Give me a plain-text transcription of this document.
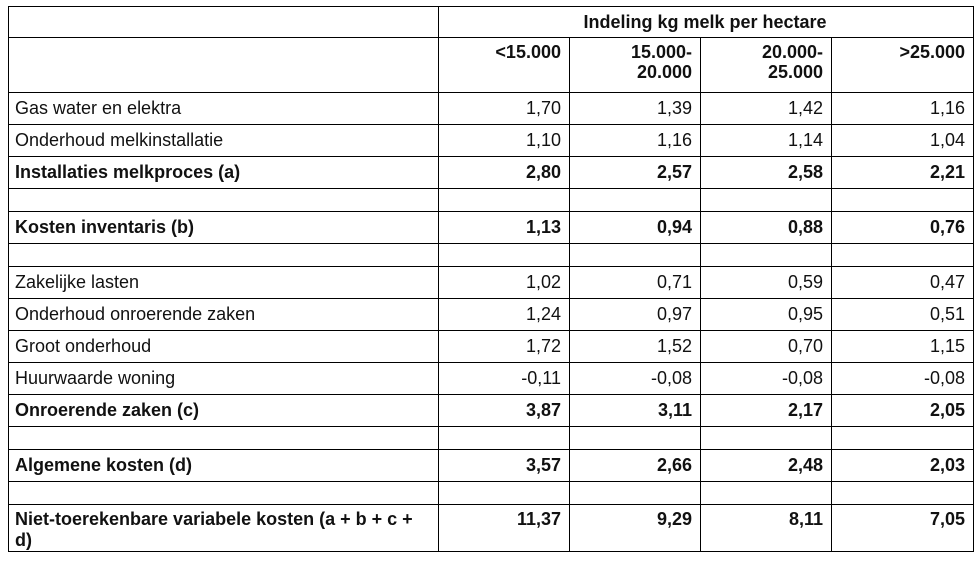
	Indeling kg melk per hectare			
	<15.000	15.000- 20.000	20.000- 25.000	>25.000
Gas water en elektra	1,70	1,39	1,42	1,16
Onderhoud melkinstallatie	1,10	1,16	1,14	1,04
Installaties melkproces (a)	2,80	2,57	2,58	2,21

Kosten inventaris (b)	1,13	0,94	0,88	0,76

Zakelijke lasten	1,02	0,71	0,59	0,47
Onderhoud onroerende zaken	1,24	0,97	0,95	0,51
Groot onderhoud	1,72	1,52	0,70	1,15
Huurwaarde woning	-0,11	-0,08	-0,08	-0,08
Onroerende zaken (c)	3,87	3,11	2,17	2,05

Algemene kosten (d)	3,57	2,66	2,48	2,03

Niet-toerekenbare variabele kosten (a + b + c + d)	11,37	9,29	8,11	7,05
